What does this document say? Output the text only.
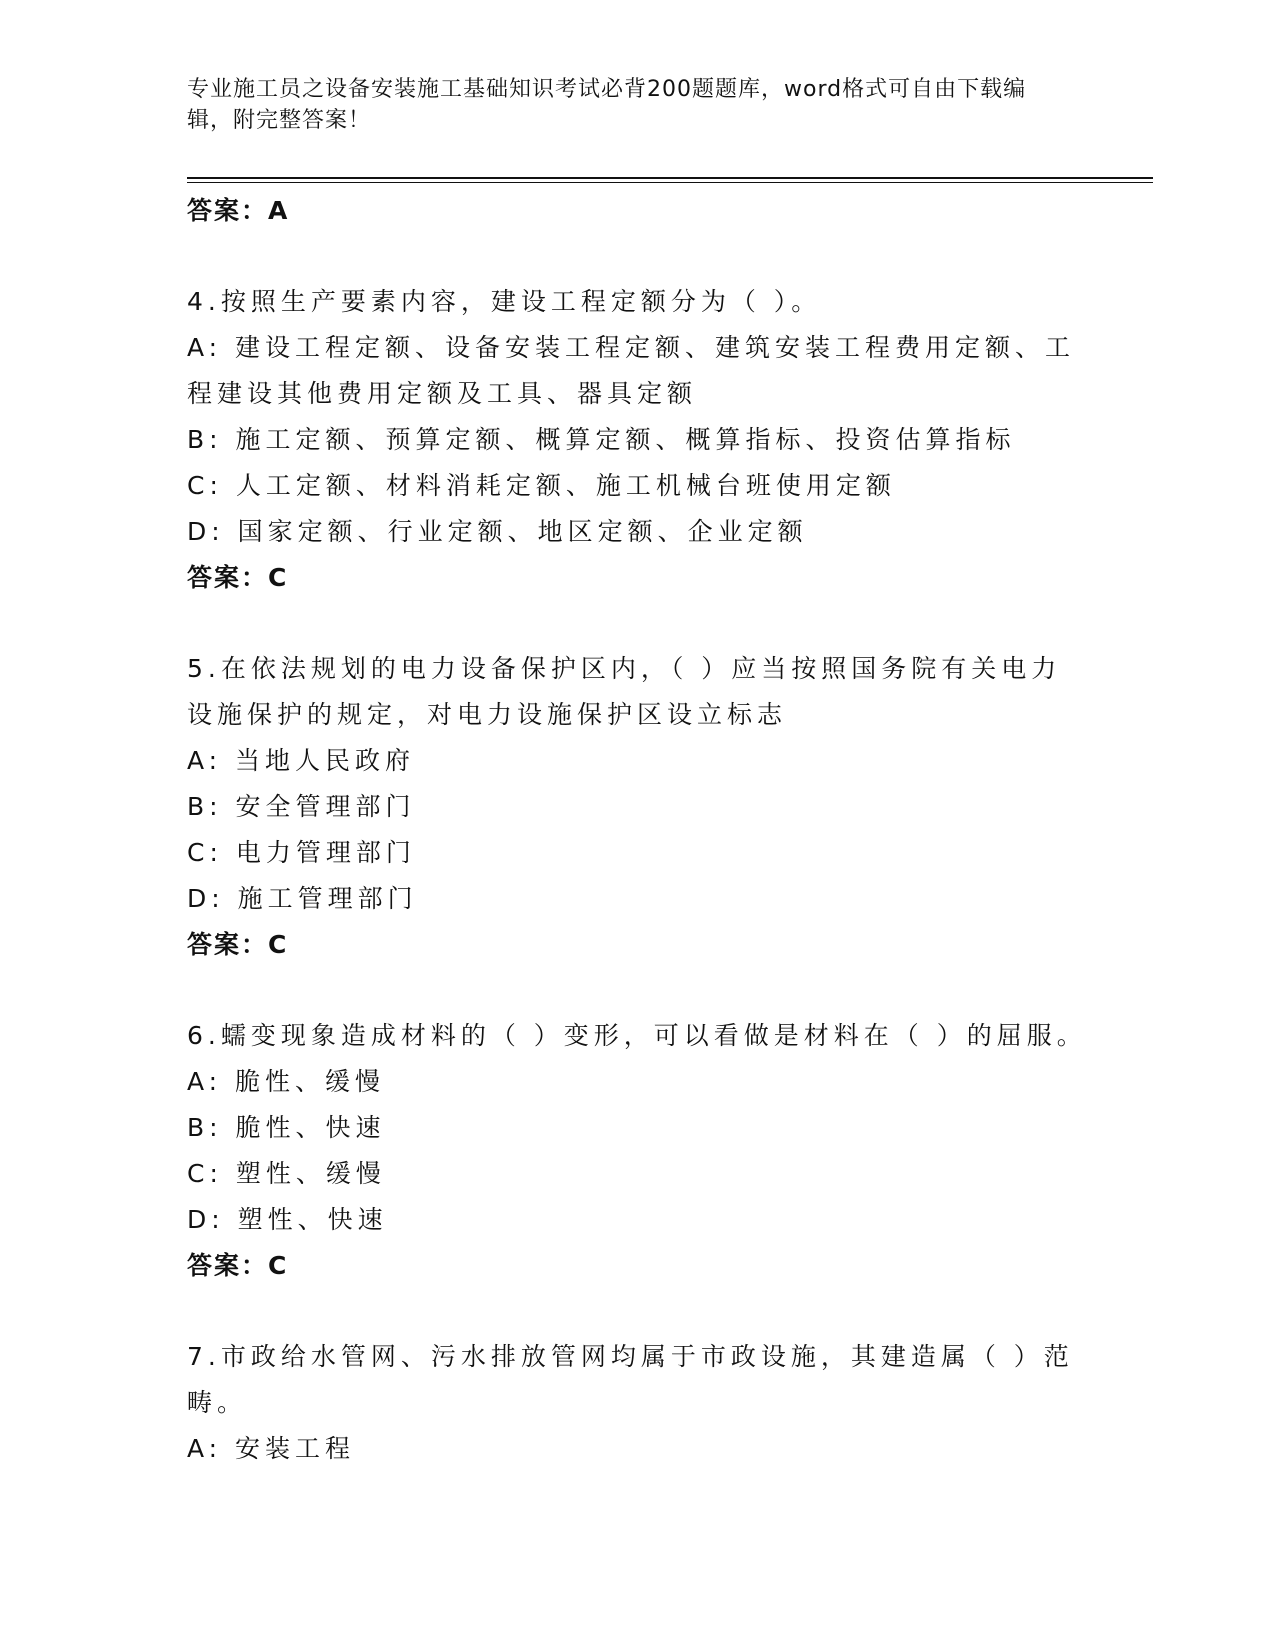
专业施工员之设备安装施工基础知识考试必背200题题库，word格式可自由下载编辑，附完整答案！
答案：A
4.按照生产要素内容，建设工程定额分为（ ）。
A: 建设工程定额、设备安装工程定额、建筑安装工程费用定额、工程建设其他费用定额及工具、器具定额
B: 施工定额、预算定额、概算定额、概算指标、投资估算指标
C: 人工定额、材料消耗定额、施工机械台班使用定额
D: 国家定额、行业定额、地区定额、企业定额
答案：C
5.在依法规划的电力设备保护区内，（ ）应当按照国务院有关电力设施保护的规定，对电力设施保护区设立标志
A: 当地人民政府
B: 安全管理部门
C: 电力管理部门
D: 施工管理部门
答案：C
6.蠕变现象造成材料的（ ）变形，可以看做是材料在（ ）的屈服。
A: 脆性、缓慢
B: 脆性、快速
C: 塑性、缓慢
D: 塑性、快速
答案：C
7.市政给水管网、污水排放管网均属于市政设施，其建造属（ ）范畴。
A: 安装工程
